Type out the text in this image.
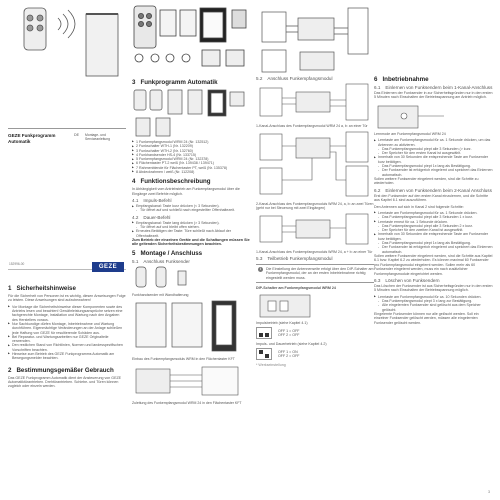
GEZE Funkprogramm Automatik
DE Montage- und Serviceanleitung
152996-00	GEZE
1 Sicherheitshinweise
Für die Sicherheit von Personen ist es wichtig, diesen Anweisungen Folge zu leisten. Diese Anweisungen sind aufzubewahren!
▶ Vor Montage die Sicherheitshinweise dieser Komponenten sowie des Antriebs lesen und beachten! Gewährleistungsansprüche setzen eine fachgerechte Montage, Installation und Wartung nach den Angaben des Herstellers voraus.
▶ Nur Sachkundige dürfen Montage, Inbetriebnahme und Wartung durchführen. Eigenmächtige Veränderungen an der Anlage schließen jede Haftung von GEZE für resultierende Schäden aus.
▶ Bei Reparatur- und Wartungsarbeiten nur GEZE Originalteile verwenden.
▶ Den restlichen Stand von Richtlinien, Normen und landesspezifischen Vorschriften beachten.
▶ Hinweise zum Betrieb des GEZE Funkprogramms Automatik am Bewegungsmelder beachten.
2 Bestimmungsgemäßer Gebrauch
Das GEZE Funkprogramm Automatik dient der Ansteuerung von GEZE Automatiktürantrieben. Drehtürantrieben. Schiebe- und Türen können zugleich oder einzeln werden.
3 Funkprogramm Automatik
▶ 1 Funkempfangsmodul WRM 24 (Nr. 132512)
▶ 2 Funkschalter WTH-1 (Nr. 132209)
▶ 3 Funkschalter WTH-2 (Nr. 132760)
▶ 4 Funkhandsender HS-4 (Nr. 133715)
▶ 5 Funkempfangsmodul WRM 24 (Nr. 132378)
▶ 6 Flächentaster PT-2 weiß (Nr. 139438 / 139471)
▶ 7 Rahmenblende für Flächentaster PT, weiß (Nr. 135378)
▶ 8 Abdeckrahmen / weiß (Nr. 112208)
4 Funktionsbeschreibung
In Abhängigkeit vom Antriebstrieb am Funkempfangsmodul über die Eingänge zwei Befehle möglich.
4.1 Impuls-Befehl
▶ Empfangskanal: Taste kurz drücken (< 3 Sekunden).
- Tür öffnet auf und schließt nach eingestellter Offenhaltezeit.
4.2 Dauer-Befehl
▶ Empfangskanal: Taste lang drücken (> 3 Sekunden).
- Tür öffnet auf und bleibt offen stehen.
▶ Erneutes Betätigen der Taste: Türe schließt nach Ablauf der Offenhaltezeit.
Zum Betrieb der einzelnen Geräte und die Schaltungen müssen Sie alle geltenden Sicherheitsbestimmungen beachten.
5 Montage / Anschluss
5.1 Anschluss Funksender
Funkhandsender mit Wandhalterung
Einbau des Funkempfangsmoduls WRM in den Flächentaster KFT
Zuleitung des Funkempfangsmodul WRM 24 in den Flächentaster KFT
5.2 Anschluss Funkempfangsmodul
1-Kanal-Anschluss des Funkempfangsmodul WRM 24 a, b: an einer Tür
2-Kanal-Anschluss des Funkempfangsmoduls WRM 24, a, b: an zwei Türen (geht nur bei Steuerung mit zwei Eingängen)
1-Kanal-Anschluss des Funkempfangsmoduls WRM 24, a + b: an einer Tür
5.3 Teilbetrieb Funkempfangsmodul
i Die Einstellung der Antennenseite erfolgt über den DIP-Schalter am Funkempfangsmodul, der an der ersten Inbetriebnahme richtig eingestellt werden muss.
DIP-Schalter am Funkempfangsmodul WRM 24
Impulsbetrieb (siehe Kapitel 4.1)
OFF 1 = OFF
OFF 2 = OFF
Impuls- und Dauerbetrieb (siehe Kapitel 4.2)
OFF 1 = ON
OFF 2 = OFF
* Werkseinstellung
6 Inbetriebnahme
6.1 Einlernen von Funksendern beim 1-Kanal-Anschluss
Das Einlernen der Funksender in zur Sicherheitsgründen nur in den ersten 5 Minuten nach Einschalten der Betriebsspannung am Antrieb möglich.
Lernmode am Funkempfangsmodul WRM 24
▶ Lerntaste am Funkempfangsmodul für ca. 1 Sekunde drücken, um das Antennen zu aktivieren.
- Das Funkempfangsmodul piept alle 3 Sekunden (> kurz.
- Der Speicher für den ersten Kanal ist ausgewählt.
▶ Innerhalb von 30 Sekunden die entsprechende Taste am Funksender kurz betätigen.
- Das Funkempfangsmodul piept 1x lang als Bestätigung.
- Der Funksender ist erfolgreich eingelernt und speichert das Einlernen automatisch.
Sollen weitere Funksender eingelernt werden, sind die Schritte zu wiederholen.
6.2 Einlernen von Funksendern beim 2-Kanal Anschluss
Erst den Funksender auf den ersten Kanal einzulernen, und die Schritte aus Kapitel 6.1 sind auszuführen.
Den Antennen auf sich in Kanal 2 sind folgende Schritte:
▶ Lerntaste am Funkempfangsmodul für ca. 1 Sekunde drücken.
- Das Funkempfangsmodul piept alle 3 Sekunden 1 x kurz.
▶ Lerntaste erneut für ca. 1 Sekunde drücken.
- Das Funkempfangsmodul piept alle 3 Sekunden 2 x kurz.
- Der Speicher für den zweiten Kanal ist ausgewählt.
▶ Innerhalb von 30 Sekunden die entsprechende Taste am Funksender kurz betätigen.
- Das Funkempfangsmodul piept 1x lang als Bestätigung.
- Der Funksender ist erfolgreich eingelernt und speichert das Einlernen automatisch.
Sollen weitere Funksender eingelernt werden, sind die Schritte aus Kapitel 6.1 bzw. Kapitel 6.2 zu wiederholen. Es können maximal 60 Funksender pro Funkempfangsmodul eingelernt werden. Sollen mehr als 60 Funksender eingelernt werden, muss ein nach zusätzlicher Funkempfangsmodule eingerichtet werden.
6.3 Löschen von Funksendern
Das Löschen der Funksender ist aus Sicherheitsgründen nur in den ersten 5 Minuten nach Einschalten der Betriebsspannung möglich.
▶ Lerntaste am Funkempfangsmodul für ca. 10 Sekunden drücken.
- Das Funkempfangsmodul piept 3 x lang zur Bestätigung.
- Alle eingelernten Funksender sind gelöscht aus dem Speicher gelöscht.
Eingelernte Funksender können nur alle gelöscht werden. Soll ein einzelner Funksender gelöscht werden, müssen alle eingelernten Funksender gelöscht werden.
3
